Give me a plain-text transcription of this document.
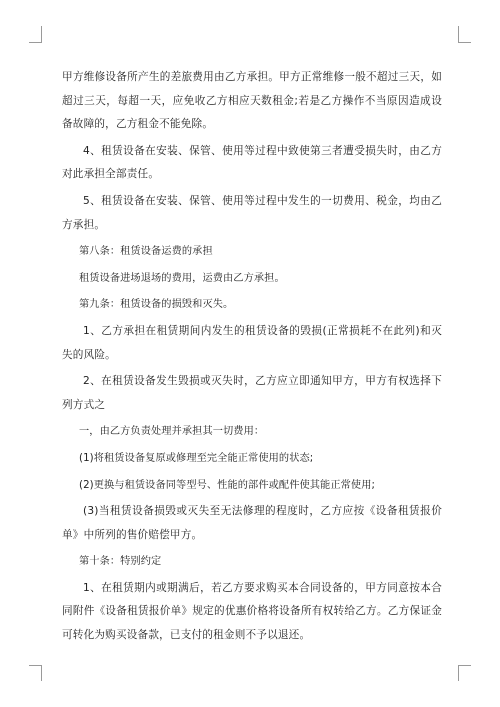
甲方维修设备所产生的差旅费用由乙方承担。甲方正常维修一般不超过三天，如超过三天，每超一天，应免收乙方相应天数租金;若是乙方操作不当原因造成设备故障的，乙方租金不能免除。

4、租赁设备在安装、保管、使用等过程中致使第三者遭受损失时，由乙方对此承担全部责任。

5、租赁设备在安装、保管、使用等过程中发生的一切费用、税金，均由乙方承担。

第八条：租赁设备运费的承担

租赁设备进场退场的费用，运费由乙方承担。

第九条：租赁设备的损毁和灭失。

1、乙方承担在租赁期间内发生的租赁设备的毁损(正常损耗不在此列)和灭失的风险。

2、在租赁设备发生毁损或灭失时，乙方应立即通知甲方，甲方有权选择下列方式之

一，由乙方负责处理并承担其一切费用：

(1)将租赁设备复原或修理至完全能正常使用的状态;

(2)更换与租赁设备同等型号、性能的部件或配件使其能正常使用;

(3)当租赁设备损毁或灭失至无法修理的程度时，乙方应按《设备租赁报价单》中所列的售价赔偿甲方。

第十条：特别约定

1、在租赁期内或期满后，若乙方要求购买本合同设备的，甲方同意按本合同附件《设备租赁报价单》规定的优惠价格将设备所有权转给乙方。乙方保证金可转化为购买设备款，已支付的租金则不予以退还。
